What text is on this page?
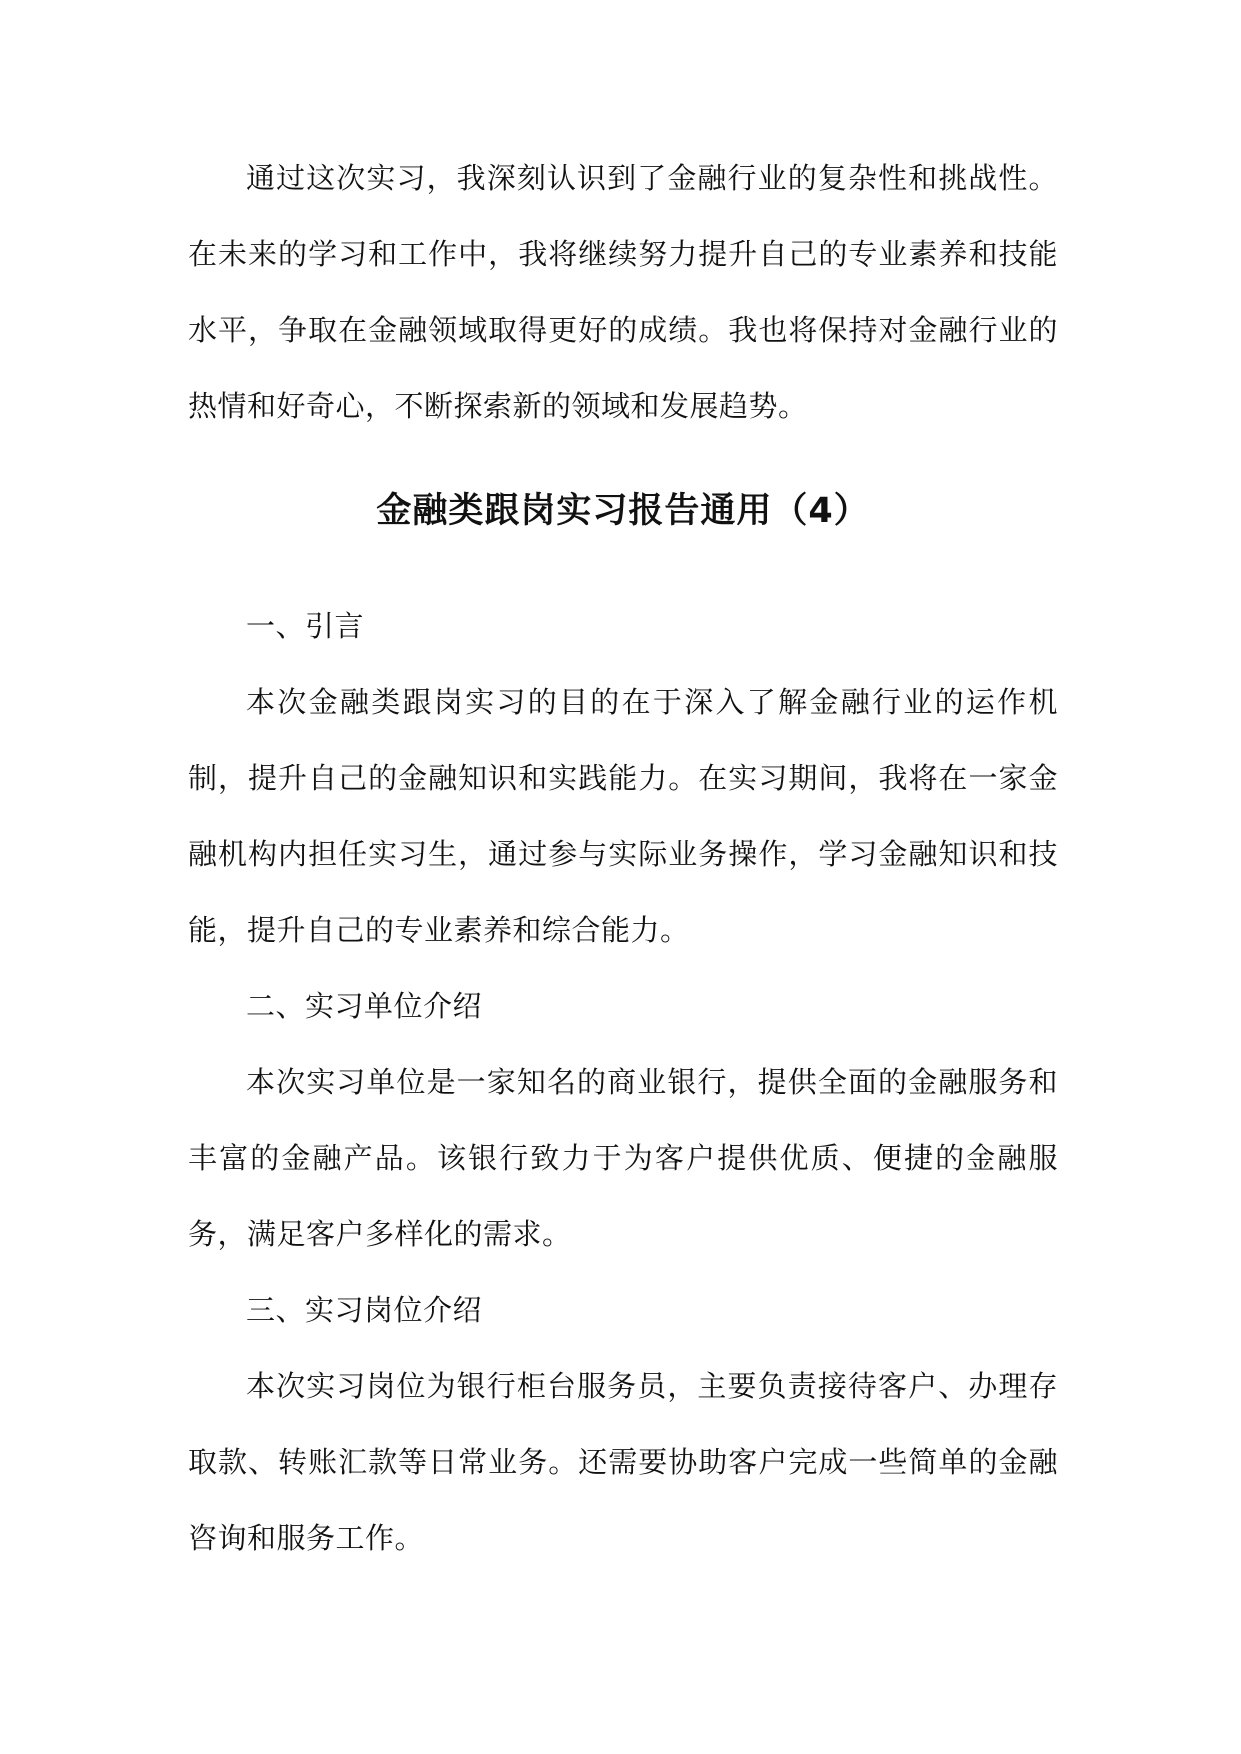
通过这次实习，我深刻认识到了金融行业的复杂性和挑战性。在未来的学习和工作中，我将继续努力提升自己的专业素养和技能水平，争取在金融领域取得更好的成绩。我也将保持对金融行业的热情和好奇心，不断探索新的领域和发展趋势。

金融类跟岗实习报告通用（4）

一、引言

本次金融类跟岗实习的目的在于深入了解金融行业的运作机制，提升自己的金融知识和实践能力。在实习期间，我将在一家金融机构内担任实习生，通过参与实际业务操作，学习金融知识和技能，提升自己的专业素养和综合能力。

二、实习单位介绍

本次实习单位是一家知名的商业银行，提供全面的金融服务和丰富的金融产品。该银行致力于为客户提供优质、便捷的金融服务，满足客户多样化的需求。

三、实习岗位介绍

本次实习岗位为银行柜台服务员，主要负责接待客户、办理存取款、转账汇款等日常业务。还需要协助客户完成一些简单的金融咨询和服务工作。
